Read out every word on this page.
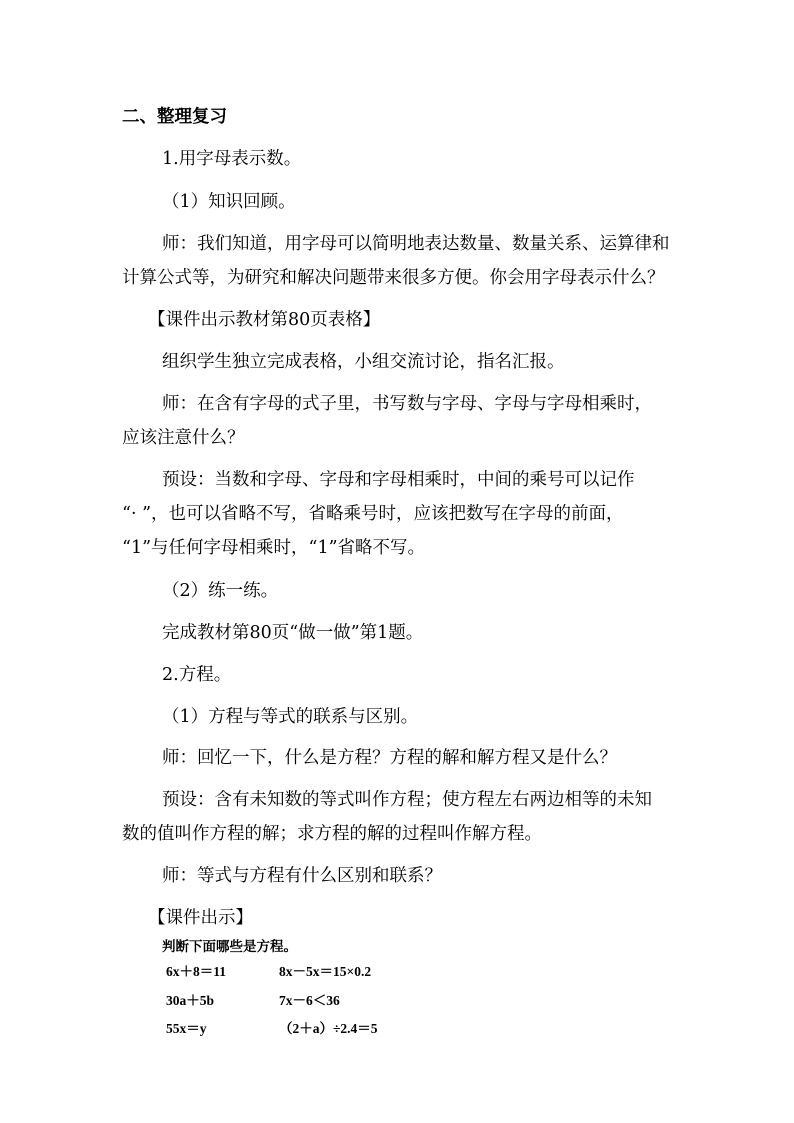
二、整理复习
1.用字母表示数。
（1）知识回顾。
师：我们知道，用字母可以简明地表达数量、数量关系、运算律和
计算公式等，为研究和解决问题带来很多方便。你会用字母表示什么？
【课件出示教材第80页表格】
组织学生独立完成表格，小组交流讨论，指名汇报。
师：在含有字母的式子里，书写数与字母、字母与字母相乘时，
应该注意什么？
预设：当数和字母、字母和字母相乘时，中间的乘号可以记作
“· ”，也可以省略不写，省略乘号时，应该把数写在字母的前面，
“1”与任何字母相乘时，“1”省略不写。
（2）练一练。
完成教材第80页“做一做”第1题。
2.方程。
（1）方程与等式的联系与区别。
师：回忆一下，什么是方程？方程的解和解方程又是什么？
预设：含有未知数的等式叫作方程；使方程左右两边相等的未知
数的值叫作方程的解；求方程的解的过程叫作解方程。
师：等式与方程有什么区别和联系？
【课件出示】
判断下面哪些是方程。
6x＋8＝11	8x－5x＝15×0.2
30a＋5b	7x－6＜36
55x＝y	（2＋a）÷2.4＝5
